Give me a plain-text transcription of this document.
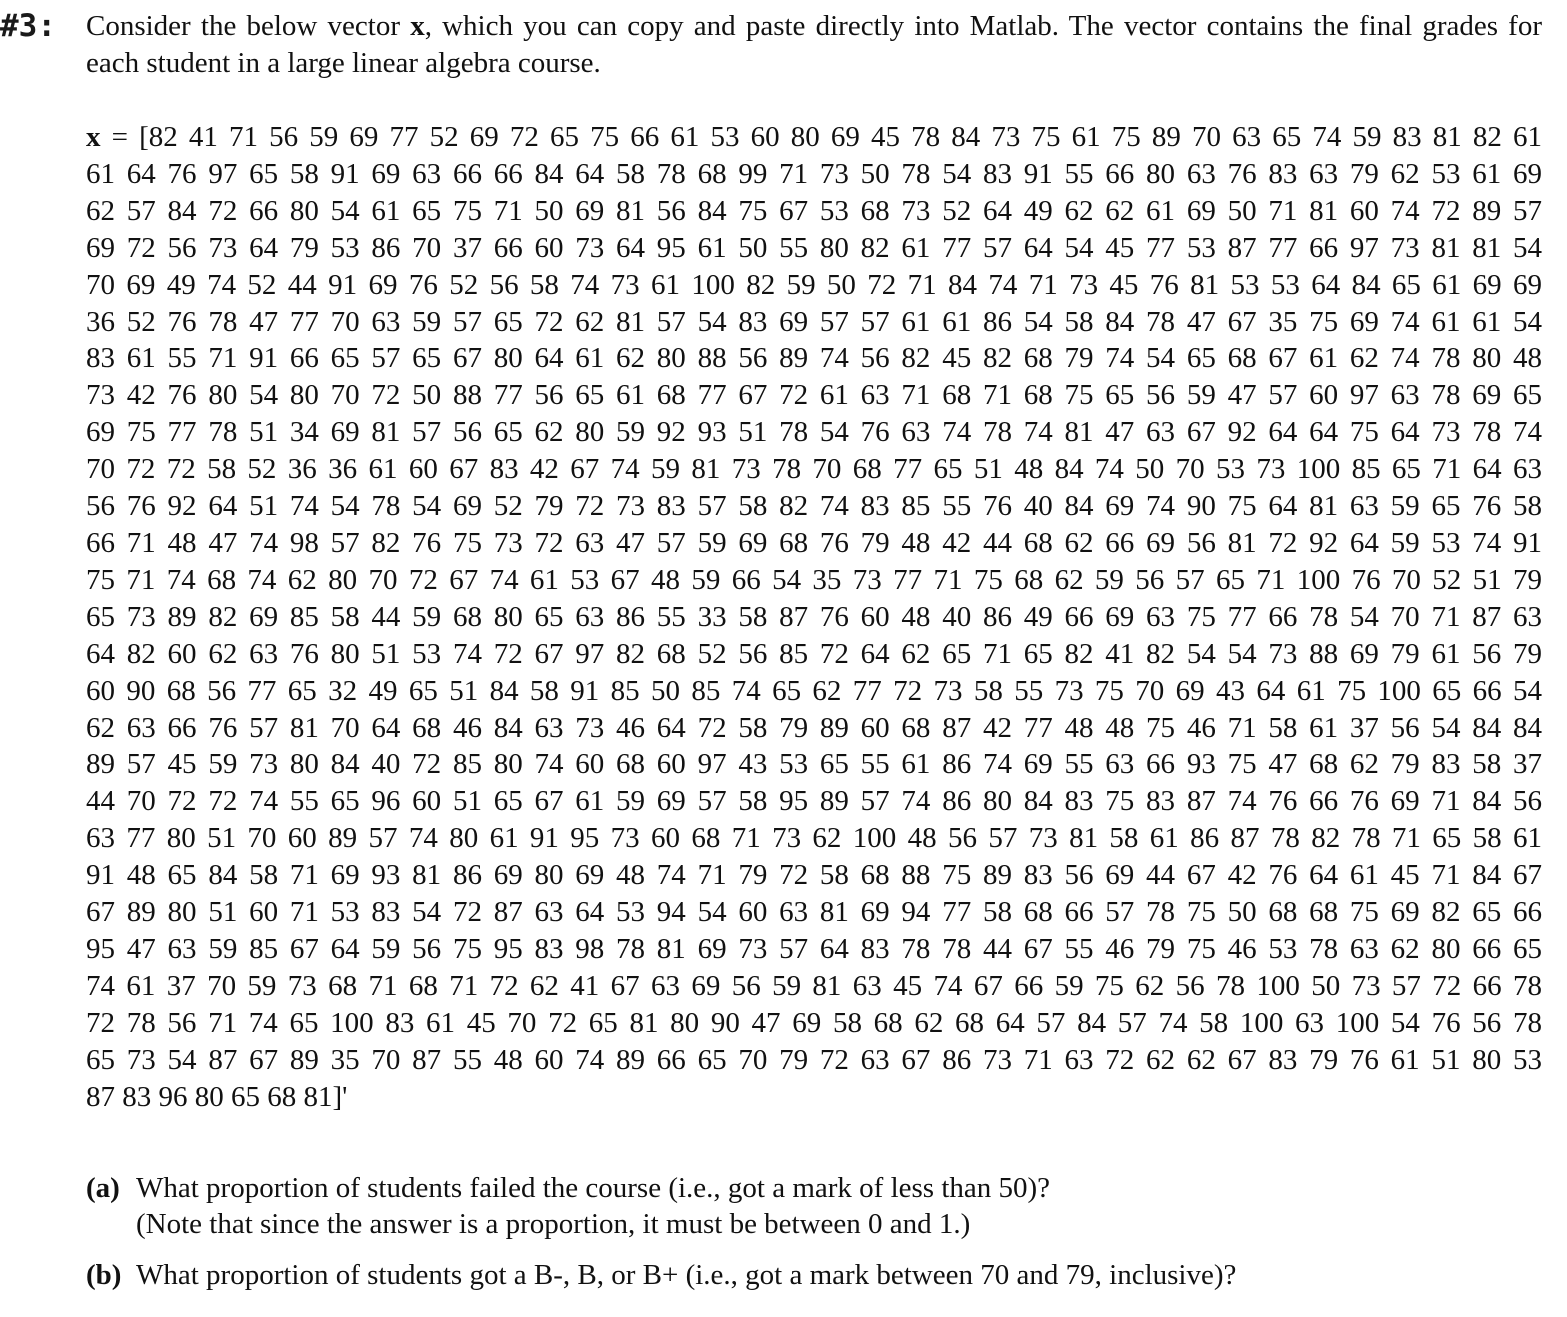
#3: Consider the below vector x, which you can copy and paste directly into Matlab. The vector contains the final grades for each student in a large linear algebra course.
x = [82 41 71 56 59 69 77 52 69 72 65 75 66 61 53 60 80 69 45 78 84 73 75 61 75 89 70 63 65 74 59 83 81 82 61
61 64 76 97 65 58 91 69 63 66 66 84 64 58 78 68 99 71 73 50 78 54 83 91 55 66 80 63 76 83 63 79 62 53 61 69
62 57 84 72 66 80 54 61 65 75 71 50 69 81 56 84 75 67 53 68 73 52 64 49 62 62 61 69 50 71 81 60 74 72 89 57
69 72 56 73 64 79 53 86 70 37 66 60 73 64 95 61 50 55 80 82 61 77 57 64 54 45 77 53 87 77 66 97 73 81 81 54
70 69 49 74 52 44 91 69 76 52 56 58 74 73 61 100 82 59 50 72 71 84 74 71 73 45 76 81 53 53 64 84 65 61 69 69
36 52 76 78 47 77 70 63 59 57 65 72 62 81 57 54 83 69 57 57 61 61 86 54 58 84 78 47 67 35 75 69 74 61 61 54
83 61 55 71 91 66 65 57 65 67 80 64 61 62 80 88 56 89 74 56 82 45 82 68 79 74 54 65 68 67 61 62 74 78 80 48
73 42 76 80 54 80 70 72 50 88 77 56 65 61 68 77 67 72 61 63 71 68 71 68 75 65 56 59 47 57 60 97 63 78 69 65
69 75 77 78 51 34 69 81 57 56 65 62 80 59 92 93 51 78 54 76 63 74 78 74 81 47 63 67 92 64 64 75 64 73 78 74
70 72 72 58 52 36 36 61 60 67 83 42 67 74 59 81 73 78 70 68 77 65 51 48 84 74 50 70 53 73 100 85 65 71 64 63
56 76 92 64 51 74 54 78 54 69 52 79 72 73 83 57 58 82 74 83 85 55 76 40 84 69 74 90 75 64 81 63 59 65 76 58
66 71 48 47 74 98 57 82 76 75 73 72 63 47 57 59 69 68 76 79 48 42 44 68 62 66 69 56 81 72 92 64 59 53 74 91
75 71 74 68 74 62 80 70 72 67 74 61 53 67 48 59 66 54 35 73 77 71 75 68 62 59 56 57 65 71 100 76 70 52 51 79
65 73 89 82 69 85 58 44 59 68 80 65 63 86 55 33 58 87 76 60 48 40 86 49 66 69 63 75 77 66 78 54 70 71 87 63
64 82 60 62 63 76 80 51 53 74 72 67 97 82 68 52 56 85 72 64 62 65 71 65 82 41 82 54 54 73 88 69 79 61 56 79
60 90 68 56 77 65 32 49 65 51 84 58 91 85 50 85 74 65 62 77 72 73 58 55 73 75 70 69 43 64 61 75 100 65 66 54
62 63 66 76 57 81 70 64 68 46 84 63 73 46 64 72 58 79 89 60 68 87 42 77 48 48 75 46 71 58 61 37 56 54 84 84
89 57 45 59 73 80 84 40 72 85 80 74 60 68 60 97 43 53 65 55 61 86 74 69 55 63 66 93 75 47 68 62 79 83 58 37
44 70 72 72 74 55 65 96 60 51 65 67 61 59 69 57 58 95 89 57 74 86 80 84 83 75 83 87 74 76 66 76 69 71 84 56
63 77 80 51 70 60 89 57 74 80 61 91 95 73 60 68 71 73 62 100 48 56 57 73 81 58 61 86 87 78 82 78 71 65 58 61
91 48 65 84 58 71 69 93 81 86 69 80 69 48 74 71 79 72 58 68 88 75 89 83 56 69 44 67 42 76 64 61 45 71 84 67
67 89 80 51 60 71 53 83 54 72 87 63 64 53 94 54 60 63 81 69 94 77 58 68 66 57 78 75 50 68 68 75 69 82 65 66
95 47 63 59 85 67 64 59 56 75 95 83 98 78 81 69 73 57 64 83 78 78 44 67 55 46 79 75 46 53 78 63 62 80 66 65
74 61 37 70 59 73 68 71 68 71 72 62 41 67 63 69 56 59 81 63 45 74 67 66 59 75 62 56 78 100 50 73 57 72 66 78
72 78 56 71 74 65 100 83 61 45 70 72 65 81 80 90 47 69 58 68 62 68 64 57 84 57 74 58 100 63 100 54 76 56 78
65 73 54 87 67 89 35 70 87 55 48 60 74 89 66 65 70 79 72 63 67 86 73 71 63 72 62 62 67 83 79 76 61 51 80 53
87 83 96 80 65 68 81]'
(a) What proportion of students failed the course (i.e., got a mark of less than 50)?
(Note that since the answer is a proportion, it must be between 0 and 1.)
(b) What proportion of students got a B-, B, or B+ (i.e., got a mark between 70 and 79, inclusive)?
